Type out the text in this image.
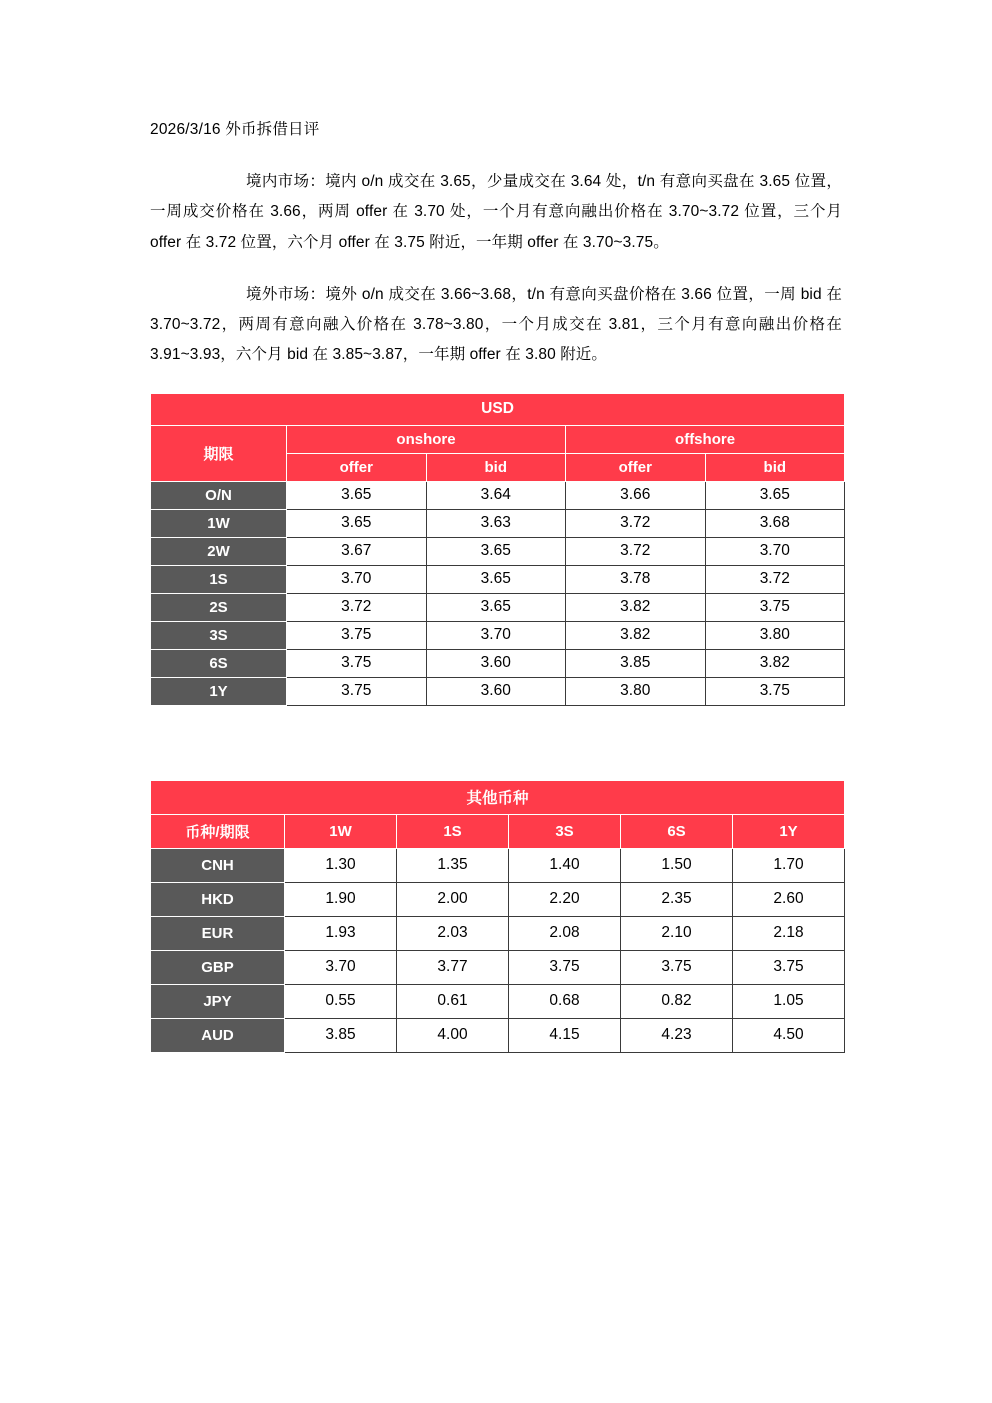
2026/3/16 外币拆借日评

境内市场：境内 o/n 成交在 3.65，少量成交在 3.64 处，t/n 有意向买盘在 3.65 位置，一周成交价格在 3.66，两周 offer 在 3.70 处，一个月有意向融出价格在 3.70~3.72 位置，三个月 offer 在 3.72 位置，六个月 offer 在 3.75 附近，一年期 offer 在 3.70~3.75。

境外市场：境外 o/n 成交在 3.66~3.68，t/n 有意向买盘价格在 3.66 位置，一周 bid 在 3.70~3.72，两周有意向融入价格在 3.78~3.80，一个月成交在 3.81，三个月有意向融出价格在 3.91~3.93，六个月 bid 在 3.85~3.87，一年期 offer 在 3.80 附近。

USD				
期限	onshore		offshore	
	offer	bid	offer	bid
O/N	3.65	3.64	3.66	3.65
1W	3.65	3.63	3.72	3.68
2W	3.67	3.65	3.72	3.70
1S	3.70	3.65	3.78	3.72
2S	3.72	3.65	3.82	3.75
3S	3.75	3.70	3.82	3.80
6S	3.75	3.60	3.85	3.82
1Y	3.75	3.60	3.80	3.75
其他币种					
币种/期限	1W	1S	3S	6S	1Y
CNH	1.30	1.35	1.40	1.50	1.70
HKD	1.90	2.00	2.20	2.35	2.60
EUR	1.93	2.03	2.08	2.10	2.18
GBP	3.70	3.77	3.75	3.75	3.75
JPY	0.55	0.61	0.68	0.82	1.05
AUD	3.85	4.00	4.15	4.23	4.50
